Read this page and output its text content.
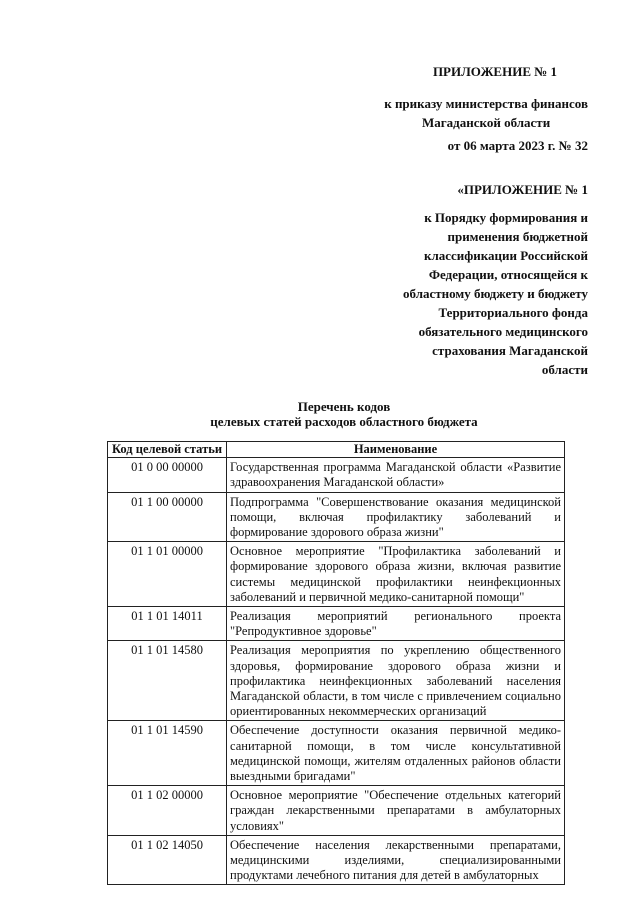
ПРИЛОЖЕНИЕ № 1
к приказу министерства финансов
Магаданской области
от 06 марта 2023 г. № 32
«ПРИЛОЖЕНИЕ № 1
к Порядку формирования и
применения бюджетной
классификации Российской
Федерации, относящейся к
областному бюджету и бюджету
Территориального фонда
обязательного медицинского
страхования Магаданской
области
Перечень кодов
целевых статей расходов областного бюджета
Код целевой статьи	Наименование
01 0 00 00000	Государственная программа Магаданской области «Развитие здравоохранения Магаданской области»
01 1 00 00000	Подпрограмма "Совершенствование оказания медицинской помощи, включая профилактику заболеваний и формирование здорового образа жизни"
01 1 01 00000	Основное мероприятие "Профилактика заболеваний и формирование здорового образа жизни, включая развитие системы медицинской профилактики неинфекционных заболеваний и первичной медико-санитарной помощи"
01 1 01 14011	Реализация мероприятий регионального проекта "Репродуктивное здоровье"
01 1 01 14580	Реализация мероприятия по укреплению общественного здоровья, формирование здорового образа жизни и профилактика неинфекционных заболеваний населения Магаданской области, в том числе с привлечением социально ориентированных некоммерческих организаций
01 1 01 14590	Обеспечение доступности оказания первичной медико-санитарной помощи, в том числе консультативной медицинской помощи, жителям отдаленных районов области выездными бригадами"
01 1 02 00000	Основное мероприятие "Обеспечение отдельных категорий граждан лекарственными препаратами в амбулаторных условиях"
01 1 02 14050	Обеспечение населения лекарственными препаратами, медицинскими изделиями, специализированными продуктами лечебного питания для детей в амбулаторных
